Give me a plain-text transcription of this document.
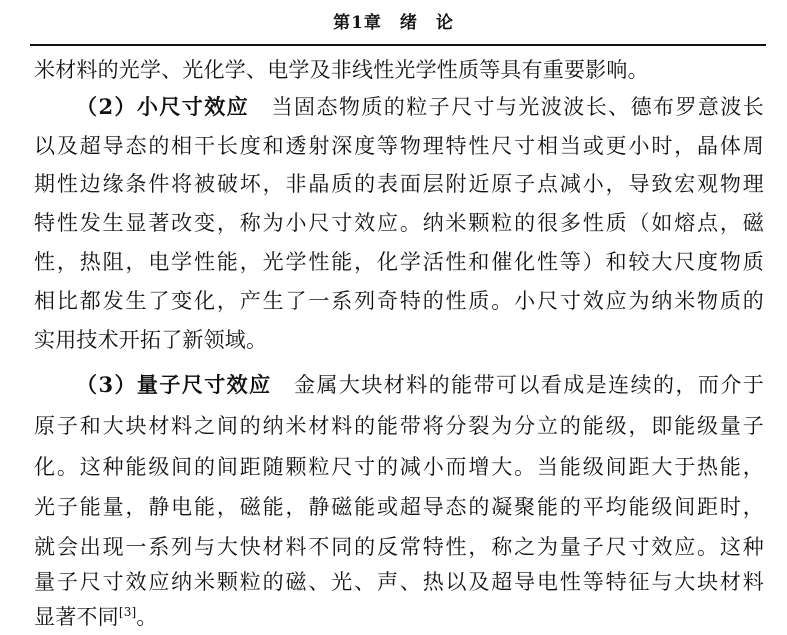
第1章　绪　论
米材料的光学、光化学、电学及非线性光学性质等具有重要影响。
（2）小尺寸效应　 当固态物质的粒子尺寸与光波波长、德布罗意波长
以及超导态的相干长度和透射深度等物理特性尺寸相当或更小时，晶体周
期性边缘条件将被破坏，非晶质的表面层附近原子点减小，导致宏观物理
特性发生显著改变，称为小尺寸效应。纳米颗粒的很多性质（如熔点，磁
性，热阻，电学性能，光学性能，化学活性和催化性等）和较大尺度物质
相比都发生了变化，产生了一系列奇特的性质。小尺寸效应为纳米物质的
实用技术开拓了新领域。
（3）量子尺寸效应　 金属大块材料的能带可以看成是连续的，而介于
原子和大块材料之间的纳米材料的能带将分裂为分立的能级，即能级量子
化。这种能级间的间距随颗粒尺寸的减小而增大。当能级间距大于热能，
光子能量，静电能，磁能，静磁能或超导态的凝聚能的平均能级间距时，
就会出现一系列与大快材料不同的反常特性，称之为量子尺寸效应。这种
量子尺寸效应纳米颗粒的磁、光、声、热以及超导电性等特征与大块材料
显著不同[3]。
